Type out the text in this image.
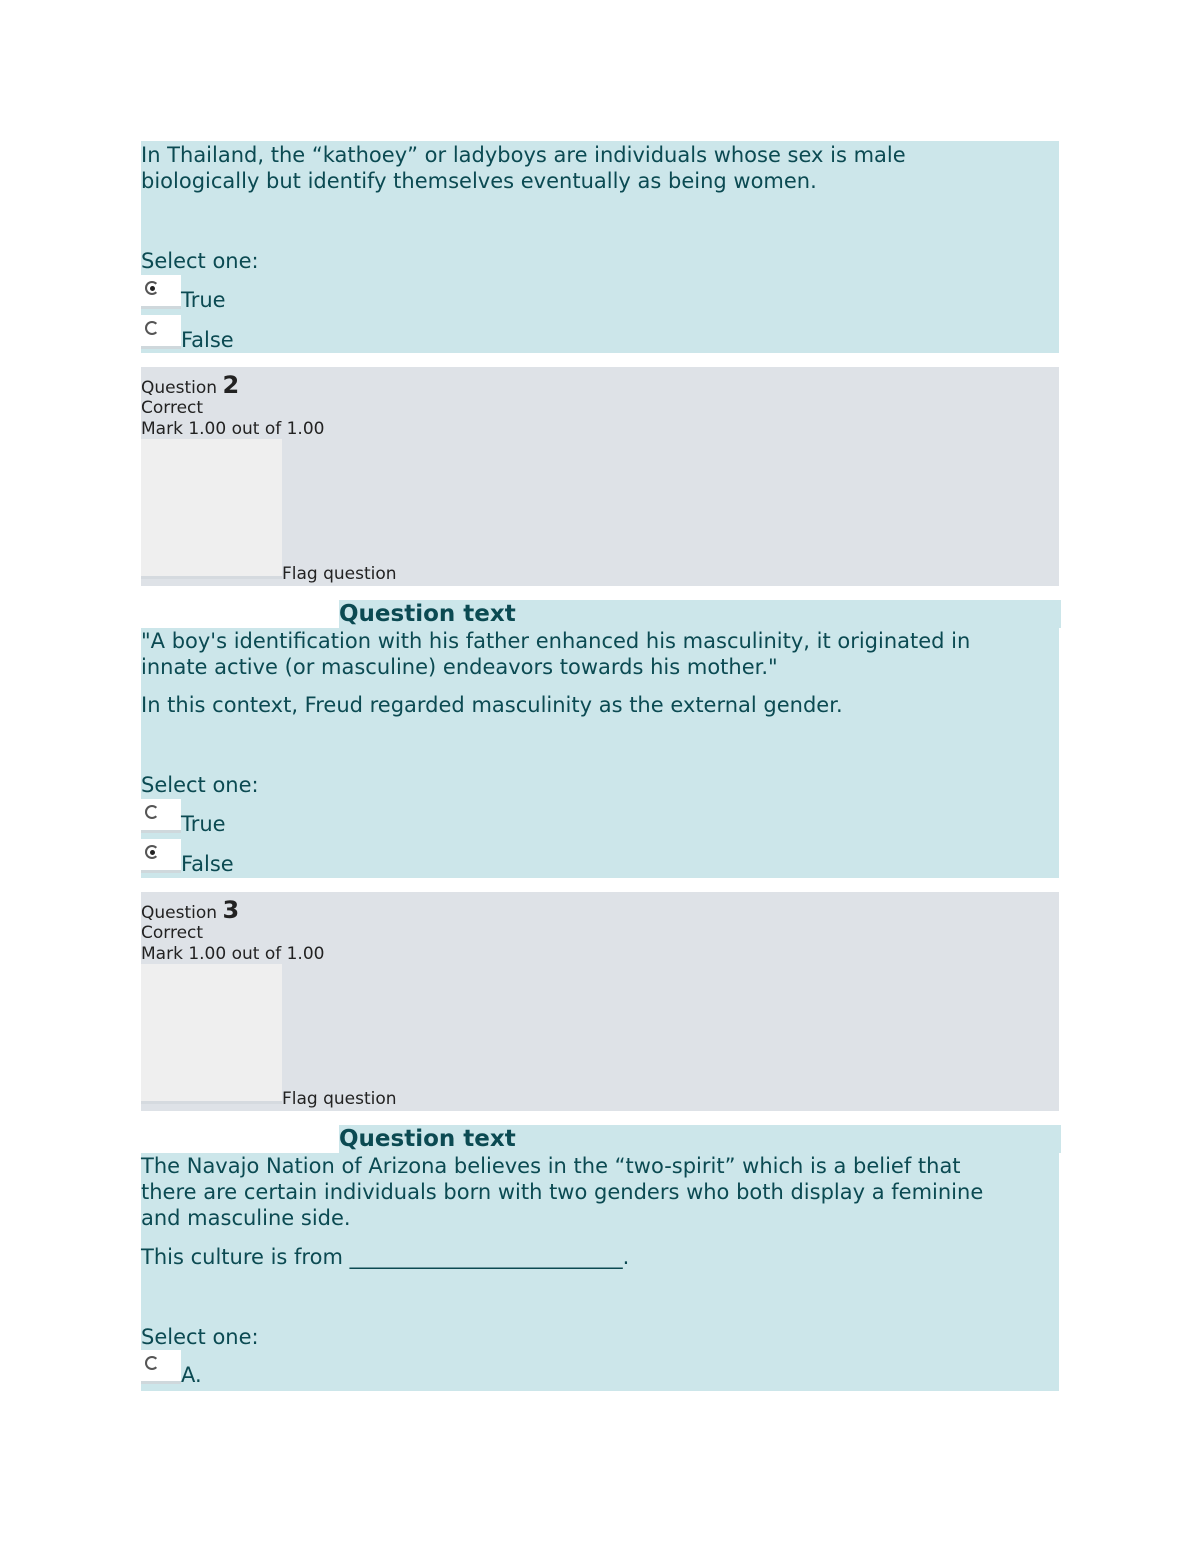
In Thailand, the “kathoey” or ladyboys are individuals whose sex is male
biologically but identify themselves eventually as being women.
Select one:
True
False
Question 2
Correct
Mark 1.00 out of 1.00
Flag question
Question text
"A boy's identification with his father enhanced his masculinity, it originated in
innate active (or masculine) endeavors towards his mother."
In this context, Freud regarded masculinity as the external gender.
Select one:
True
False
Question 3
Correct
Mark 1.00 out of 1.00
Flag question
Question text
The Navajo Nation of Arizona believes in the “two-spirit” which is a belief that
there are certain individuals born with two genders who both display a feminine
and masculine side.
This culture is from __________________________.
Select one:
A.
